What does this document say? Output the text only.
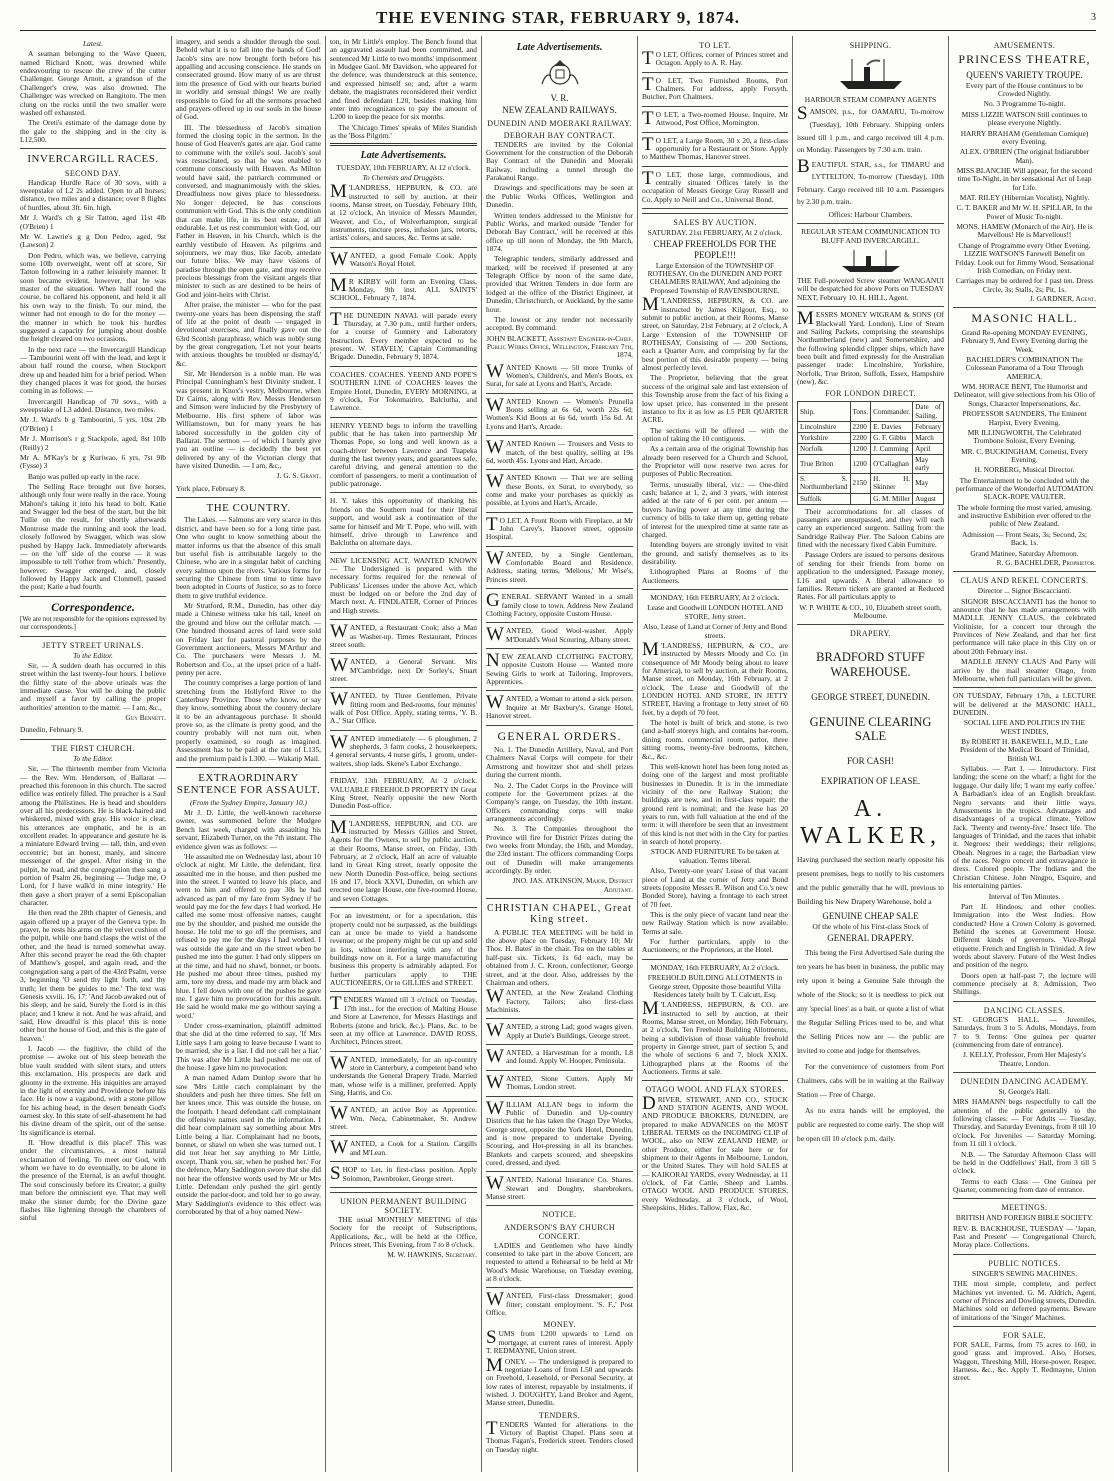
THE EVENING STAR, FEBRUARY 9, 1874.	3
Latest.

A seaman belonging to the Wave Queen, named Richard Knott, was drowned while endeavouring to rescue the crew of the cutter Challenger. George Arnott, a grandson of the Challenger's crew, was also drowned. The Challenger was wrecked on Rangitoto. The men clung on the rocks until the two smaller were washed off exhausted.

The Oreti's estimate of the damage done by the gale to the shipping and in the city is L12,500.

INVERCARGILL RACES.
SECOND DAY.

Handicap Hurdle Race of 30 sovs, with a sweepstake of L2 2s added. Open to all horses; distance, two miles and a distance; over 8 flights of hurdles, about 3ft. 6in. high.

Mr J. Ward's ch g Sir Tatton, aged 11st 4lb (O'Brien) 1

Mr W. Lawrie's g g Don Pedro, aged, 9st (Lawson) 2

Don Pedro, which was, we believe, carrying some 10lb overweight, went off at score, Sir Tatton following in a rather leisurely manner. It soon became evident, however, that he was master of the situation. When half round the course, he collared his opponent, and held it all his own way to the finish. To our mind, the winner had not enough to do for the money — the manner in which he took his hurdles suggested a capacity for jumping about double the height cleared on two occasions.

In the next race — the Invercargill Handicap — Tambourini went off with the lead, and kept it about half round the course, when Stockport drew up and headed him for a brief period. When they changed places it was for good, the horses coming in as follows: —

Invercargill Handicap of 70 sovs., with a sweepstake of L3 added. Distance, two miles.

Mr J. Ward's b g Tambourini, 5 yrs, 10st 2lb (O'Brien) 1

Mr J. Morrison's r g Stackpole, aged, 8st 10lb (Reilly) 2

Mr A. M'Kay's br g Kuriwao, 6 yrs, 7st 9lb (Fysse) 3

Banjo was pulled up early in the race.

The Selling Race brought out five horses, although only four were really in the race. Young Mahoni's taking it into his head to bolt. Katie and Swagger led the best of the start, but the bit Tullie on the result, for shortly afterwards Montrose made the running and took the lead, closely followed by Swagger, which was slow pushed by Happy Jack. Immediately afterwards — on the 'off' side of the course — it was impossible to tell 't'other from which.' Presently, however, Swagger emerged, and, closely followed by Happy Jack and Clonmell, passed the post; Katie a bad fourth.

Correspondence.

[We are not responsible for the opinions expressed by our correspondents.]

JETTY STREET URINALS.
To the Editor.

Sir, — A sudden death has occurred in this street within the last twenty-four hours. I believe the filthy state of the above urinals was the immediate cause. You will be doing the public and myself a favor by calling the proper authorities' attention to the matter. — I am, &c.,

Guy Bennett.

Dunedin, February 9.

THE FIRST CHURCH.
To the Editor.

Sir, — The thirteenth member from Victoria — the Rev. Wm. Henderson, of Ballarat — preached this forenoon in this church. The sacred edifice was entirely filled. The preacher is a Saul among the Philistines. He is head and shoulders over all his predecessors. He is black-haired and whiskered, mixed with gray. His voice is clear, his utterances are emphatic, and he is an excellent reader. In appearance and gesture he is a miniature Edward Irving — tall, thin, and even eccentric; but an honest, manly, and sincere messenger of the gospel. After rising in the pulpit, he read, and the congregation then sang a portion of Psalm 26, beginning — 'Judge me, O Lord, for I have walk'd in mine integrity.' He then gave a short prayer of a semi Episcopalian character.

He then read the 28th chapter of Genesis, and again offered up a prayer of the Geneva type. In prayer, he rests his arms on the velvet cushion of the pulpit, while one hand clasps the wrist of the other, and the head is turned somewhat away. After this second prayer he read the 6th chapter of Matthew's gospel, and again read, and the congregation sang a part of the 43rd Psalm, verse 3, beginning 'O send thy light forth, and thy truth; let them be guides to me.' The text was Genesis xxviii. 16, 17: 'And Jacob awaked out of his sleep, and he said, Surely the Lord is in this place; and I knew it not. And he was afraid, and said, How dreadful is this place! this is none other but the house of God, and this is the gate of heaven.'

I. Jacob — the fugitive, the child of the promise — awoke out of his sleep beneath the blue vault studded with silent stars, and utters this exclamation. His prospects are dark and gloomy in the extreme. His iniquities are arrayed in the light of eternity and Providence before his face. He is now a vagabond, with a stone pillow for his aching head, in the desert beneath God's earnest sky. In this state of self-abasement he had his divine dream of the spirit, out of the sense. Its significance is eternal.

II. 'How dreadful is this place!' This was under the circumstances, a most natural exclamation of feeling. To meet our God, with whom we have to do eventually, to be alone in the presence of the Eternal, is an awful thought. The soul consciously before its Creator; a guilty man before the omniscient eye. That may well make the sinner dumb; for the Divine gaze flashes like lightning through the chambers of sinful

imagery, and sends a shudder through the soul. Behold what it is to fall into the hands of God! Jacob's sins are now brought forth before his appalling and accusing conscience. He stands on consecrated ground. How many of us are thrust into the presence of God with our hearts buried in worldly and sensual things! We are really responsible to God for all the sermons preached and prayers offered up in our souls in the house of God.

III. The blessedness of Jacob's situation formed the closing topic in the sermon. In the house of God Heaven's gates are ajar. God came to commune with the exile's soul. Jacob's soul was resuscitated, so that he was enabled to commune consciously with Heaven. As Milton would have said, the patriarch communed or conversed, and magnanimously with the skies. Dreadfulness now gives place to blessedness. No longer dejected, he has conscious communion with God. This is the only condition that can make life, in its best estate, at all endurable. Let us rest communion with God, our Father in Heaven, in his Church, which is the earthly vestibule of Heaven. As pilgrims and sojourners, we may thus, like Jacob, antedate our future bliss. We may have visions of paradise through the open gate, and may receive precious blessings from the visitant angels that minister to such as are destined to be heirs of God and joint-heirs with Christ.

After praise, the minister — who for the past twenty-one years has been dispensing the staff of life at the point of death — engaged in devotional exercises, and finally gave out the 63rd Scottish paraphrase, which was nobly sung by the great congregation, 'Let not your hearts with anxious thoughts be troubled or dismay'd,' &c.

Sir, Mr Henderson is a noble man. He was Principal Cunningham's best Divinity student. I was present in Knox's vestry, Melbourne, when Dr Cairns, along with Rev. Messrs Henderson and Simson were inducted by the Presbytery of Melbourne. His first sphere of labor was Williamstown, but for many years he has labored successfully in the golden city of Ballarat. The sermon — of which I barely give you an outline — is decidedly the best yet delivered by any of the Victorian clergy that have visited Dunedin. — I am, &c.,

J. G. S. Grant.

York place, February 8.

THE COUNTRY.

The Lakes. — Salmons are very scarce in this district, and have been so for a long time past. One who ought to know something about the matter informs us that the absence of this small but useful fish is attributable largely to the Chinese, who are in a singular habit of catching every salmon upon the rivers. Various forms for securing the Chinese from time to time have been adopted in Courts of Justice, so as to force them to give truthful evidence.

Mr Stratford, R.M., Dunedin, has other day made a Chinese witness take his tail, kneel on the ground and blow out the cellular match. — One hundred thousand acres of land were sold on Friday last for pastoral purposes by the Government auctioneers, Messrs M'Arthur and Co. The purchasers were Messrs J. M. Robertson and Co., at the upset price of a half-penny per acre.

The country comprises a large portion of land stretching from the Hollyford River to the Canterbury Province. Those who know, or say they know, something about the country declare it to be an advantageous purchase. It should prove so, as the climate is pretty good, and the country probably will not turn out, when properly examined, so rough as imagined. Assessment has to be paid at the rate of L135, and the premium paid is L300. — Wakatip Mail.

EXTRAORDINARY SENTENCE FOR ASSAULT.
(From the Sydney Empire, January 10.)

Mr J. D. Little, the well-known racehorse owner, was summoned before the Mudgee Bench last week, charged with assaulting his servant, Elizabeth Turner, on the 7th instant. The evidence given was as follows: —

'He assaulted me on Wednesday last, about 10 o'clock at night. Mr Little, the defendant, first assaulted me in the house, and then pushed me into the street. I wanted to leave his place, and went to him and offered to pay 30s he had advanced as part of my fare from Sydney if he would pay me for the few days I had worked. He called me some most offensive names, caught me by the shoulder, and pushed me outside the house. He told me to go off the premises, and refused to pay me for the days I had worked. I was outside the gate and on the street when he pushed me into the gutter. I had only slippers on at the time, and had no shawl, bonnet, or boots. He pushed me about three times, pushed my arm, tore my dress, and made my arm black and blue. I fell down with one of the pushes he gave me. I gave him no provocation for this assault. He said he would make me go without saying a word.'

Under cross-examination, plaintiff admitted that she did at the time referred to say, 'If Mrs Little says I am going to leave because I want to be married, she is a liar. I did not call her a liar.' This was after Mr Little had pushed me out of the house. I gave him no provocation.

A man named Adam Dunlop swore that he saw 'Mrs Little catch complainant by the shoulders and push her three times. She fell on her knees once. This was outside the house, on the footpath. I heard defendant call complainant the offensive names used in the information. I did hear complainant say something about Mrs Little being a liar. Complainant had no boots, bonnet, or shawl on when she was turned out. I did not hear her say anything to Mr Little, except, Thank you, sir, when he pushed her.' For the defence, Mary Saddington swore that she did not hear the offensive words used by Mr or Mrs Little. Defendant only pushed the girl gently outside the parlor-door, and told her to go away. Mary Saddington's evidence to this effect was corroborated by that of a boy named New-

ton, in Mr Little's employ. The Bench found that an aggravated assault had been committed, and sentenced Mr Little to two months' imprisonment in Mudgee Gaol. Mr Davidson, who appeared for the defence, was thunderstruck at this sentence, and expressed himself so; and, after a warm debate, the magistrates reconsidered their verdict and fined defendant L20, besides making him enter into recognizances to pay the amount of L200 to keep the peace for six months.

The 'Chicago Times' speaks of Miles Standish as the 'Boss Pilgrim.'

Late Advertisements.
TUESDAY, 10th FEBRUARY, At 12 o'clock.
To Chemists and Druggists.
M 'LANDRESS, HEPBURN, & CO. are instructed to sell by auction, at their rooms, Manse street, on Tuesday, February 10th, at 12 o'clock, An invoice of Messrs Maunder, Weaver, and Co., of Wolverhampton, surgical instruments, tincture press, infusion jars, retorts, artists' colors, and sauces, &c. Terms at sale.

W ANTED, a good Female Cook. Apply Watson's Royal Hotel.

M R KIRBY will form an Evening Class, Monday, 9th inst. ALL SAINTS' SCHOOL. February 7, 1874.

T HE DUNEDIN NAVAL will parade every Thursday, at 7.30 p.m., until further orders, for a course of Gunnery and Laboratory Instruction. Every member expected to be present. W. STAVELY, Captain Commanding Brigade. Dunedin, February 9, 1874.

COACHES. COACHES. YEEND AND POPE'S SOUTHERN LINE of COACHES leaves the Empire Hotel, Dunedin, EVERY MORNING, at 9 o'clock, For Tokomairiro, Balclutha, and Lawrence.

HENRY YEEND begs to inform the travelling public that he has taken into partnership Mr Thomas Pope, so long and well known as a coach-driver between Lawrence and Tuapeka during the last twenty years, and guarantees safe, careful driving, and general attention to the comfort of passengers, to merit a continuation of public patronage.

H. Y. takes this opportunity of thanking his friends on the Southern road for their liberal support, and would ask a continuation of the same for himself and Mr T. Pope, who will, with himself, drive through to Lawrence and Balclutha on alternate days.

NEW LICENSING ACT. WANTED KNOWN — The Undersigned is prepared with the necessary forms required for the renewal of Publicans' Licenses under the above Act, which must be lodged on or before the 2nd day of March next. A. FINDLATER, Corner of Princes and High streets.

W ANTED, a Restaurant Cook; also a Man as Washer-up. Times Restaurant, Princes street south.

W ANTED, a General Servant. Mrs M'Cambridge, next Dr Sorley's, Stuart street.

W ANTED, by Three Gentlemen, Private fitting room and Bed-rooms, four minutes' walk of Post Office. Apply, stating terms, 'Y. B. A.,' Star Office.

W ANTED immediately — 6 ploughmen, 2 shepherds, 3 farm cooks, 2 housekeepers, 4 general servants, 4 nurse girls, 1 groom, under-waiters, shop lads. Skene's Labor Exchange.

FRIDAY, 13th FEBRUARY, At 2 o'clock. VALUABLE FREEHOLD PROPERTY IN Great King Street, Nearly opposite the new North Dunedin Post-office.

M 'LANDRESS, HEPBURN, and CO. are instructed by Messrs Gillies and Street, Agents for the Owners, to sell by public auction, at their Rooms, Manse street, on Friday, 13th February, at 2 o'clock, Half an acre of valuable land in Great King street, nearly opposite the new North Dunedin Post-office, being sections 16 and 17, block XXVI, Dunedin, on which are erected one large House, one five-roomed House, and seven Cottages.

For an investment, or for a speculation, this property could not be surpassed, as the buildings can at once be made to yield a handsome revenue; or the property might be cut up and sold in lots, without interfering with any of the buildings now on it. For a large manufacturing business this property is admirably adapted. For further particulars apply to THE AUCTIONEERS, Or to GILLIES and STREET.

T ENDERS Wanted till 3 o'clock on Tuesday, 17th inst., for the erection of Malting House and Store at Lawrence, for Messrs Hastings and Roberts (stone and brick, &c.). Plans, &c. to be seen at my office at Lawrence. DAVID ROSS, Architect, Princes street.

W ANTED, immediately, for an up-country store in Canterbury, a competent hand who understands the General Drapery Trade. Married man, whose wife is a milliner, preferred. Apply Sing, Harris, and Co.

W ANTED, an active Boy as Apprentice. Wm. Neca, Cabinetmaker, St. Andrew street.

W ANTED, a Cook for a Station. Cargills and M'Lean.

S HOP to Let, in first-class position. Apply Solomon, Pawnbroker, George street.

UNION PERMANENT BUILDING SOCIETY.

THE usual MONTHLY MEETING of this Society for the receipt of Subscriptions, Applications, &c., will be held at the Office, Princes street, This Evening, from 7 to 8 o'clock.

M. W. HAWKINS, Secretary.
Late Advertisements.
V. R.
NEW ZEALAND RAILWAYS.
DUNEDIN AND MOERAKI RAILWAY.
DEBORAH BAY CONTRACT.

TENDERS are invited by the Colonial Government for the construction of the Deborah Bay Contract of the Dunedin and Moeraki Railway, including a tunnel through the Parakanui Range.

Drawings and specifications may be seen at the Public Works Offices, Wellington and Dunedin.

Written tenders addressed to the Minister for Public Works, and marked outside 'Tender for Deborah Bay Contract,' will be received at this office up till noon of Monday, the 9th March, 1874.

Telegraphic tenders, similarly addressed and marked, will be received if presented at any Telegraph Office by noon of the same date, provided that Written Tenders in due form are lodged at the office of the District Engineer, at Dunedin, Christchurch, or Auckland, by the same hour.

The lowest or any tender not necessarily accepted. By command.

JOHN BLACKETT, Assistant Engineer-in-Chief. Public Works Office, Wellington, February 7th, 1874.
W ANTED Known — 50 more Trunks of Women's, Children's, and Men's Boots, ex Surat, for sale at Lyons and Hart's, Arcade.

W ANTED Known — Women's Prunella Boots selling at 6s 6d, worth 22s 6d; Women's Kid Boots at 6s 6d, worth 15s 6d. At Lyons and Hart's, Arcade.

W ANTED Known — Trousers and Vests to match, of the best quality, selling at 19s 6d, worth 45s. Lyons and Hart, Arcade.

W ANTED Known — That we are selling these Boots, ex Surat, to everybody, so come and make your purchases as quickly as possible, at Lyons and Hart's, Arcade.

T O LET, A Front Room with Fireplace, at Mr John Carey's, Hanover street, opposite Hospital.

W ANTED, by a Single Gentleman, Comfortable Board and Residence. Address, stating terms, 'Melious,' Mr Wise's, Princes street.

G ENERAL SERVANT Wanted in a small family close to town. Address New Zealand Clothing Factory, opposite Custom House.

W ANTED, Good Wool-washer. Apply M'Donald's Wool Scouring, Albany street.

N EW ZEALAND CLOTHING FACTORY, opposite Custom House — Wanted more Sewing Girls to work at Tailoring, Improvers, Apprentices.

W ANTED, a Woman to attend a sick person. Inquire at Mr Baxbury's, Grange Hotel, Hanover street.

GENERAL ORDERS.

No. 1. The Dunedin Artillery, Naval, and Port Chalmers Naval Corps will compete for their Armstrong and howitzer shot and shell prizes during the current month.

No. 2. The Cadet Corps in the Province will compete for the Government prizes at the Company's range, on Tuesday, the 10th instant. Officers commanding corps will make arrangements accordingly.

No. 3. The Companies throughout the Province will fire for District Prizes during the two weeks from Monday, the 16th, and Monday, the 23rd instant. The officers commanding Corps out of Dunedin will make arrangements accordingly. By order.

JNO. JAS. ATKINSON, Major, District Adjutant.
CHRISTIAN CHAPEL, Great King street.

A PUBLIC TEA MEETING will be held in the above place on Tuesday, February 10; Mr Thos. H. Bates' in the chair. Tea on the tables at half-past six. Tickets, 1s 6d each, may be obtained from J. C. Kroon, confectioner, George street, and at the door. Also, addresses by the Chairman and others.

W ANTED, at the New Zealand Clothing Factory, Tailors; also first-class Machinists.

W ANTED, a strong Lad; good wages given. Apply at Durie's Buildings, George street.

W ANTED, a Harvestman for a month, L8 and found. Apply W. Hooper, Peninsula.

W ANTED, Stone Cutters. Apply Mr Thomas, London street.

W ILLIAM ALLAN begs to inform the Public of Dunedin and Up-country Districts that he has taken the Otago Dye Works, George street, opposite the York Hotel, Dunedin, and is now prepared to undertake Dyeing, Scouring, and Hot-pressing in all its branches. Blankets and carpets scoured, and sheepskins cured, dressed, and dyed.

W ANTED, National Insurance Co. Shares. Stewart and Doughty, sharebrokers, Manse street.

NOTICE.
ANDERSON'S BAY CHURCH CONCERT.

LADIES and Gentlemen who have kindly consented to take part in the above Concert, are requested to attend a Rehearsal to be held at Mr Wood's Music Warehouse, on Tuesday evening, at 8 o'clock.

W ANTED, First-class Dressmaker; good fitter; constant employment. 'S. F.,' Post Office.

MONEY.
S UMS from L200 upwards to Lend on mortgage, at current rates of interest. Apply T. REDMAYNE, Union street.

M ONEY. — The undersigned is prepared to negotiate Loans of from L50 and upwards on Freehold, Leasehold, or Personal Security, at low rates of interest, repayable by instalments, if wished. J. DOUGHTY, Land Broker and Agent, Manse street, Dunedin.

TENDERS.
T ENDERS Wanted for alterations to the Victory of Baptist Chapel. Plans seen at Thomas Fagan's, Frederick street. Tenders closed on Tuesday night.

TO LET.
T O LET, Offices, corner of Princes street and Octagon. Apply to A. R. Hay.

T O LET, Two Furnished Rooms, Port Chalmers. For address, apply Forsyth, Butcher, Port Chalmers.

T O LET, a Two-roomed House. Inquire, Mr Attwood, Post Office, Mornington.

T O LET, a Large Room, 30 x 20, a first-class opportunity for a Restaurant or Store. Apply to Matthew Thomas, Hanover street.

T O LET, those large, commodious, and centrally situated Offices lately in the occupation of Messrs George Gray Russell and Co. Apply to Neill and Co., Universal Bond.

SALES BY AUCTION.
SATURDAY, 21st FEBRUARY, At 2 o'clock.
CHEAP FREEHOLDS FOR THE PEOPLE!!!
Large Extension of the TOWNSHIP OF ROTHESAY, On the DUNEDIN AND PORT CHALMERS RAILWAY, And adjoining the Proposed Township of RAVENSBOURNE.
M 'LANDRESS, HEPBURN, & CO. are instructed by James Kilgour, Esq., to submit to public auction, at their Rooms, Manse street, on Saturday, 21st February, at 2 o'clock, A Large Extension of the TOWNSHIP OF ROTHESAY, Consisting of — 200 Sections, each a Quarter Acre, and comprising by far the best portion of this desirable property — being almost perfectly level.

The Proprietor, believing that the great success of the original sale and last extension of this Township arose from the fact of his fixing a low upset price, has consented in the present instance to fix it as low as L5 PER QUARTER ACRE.

The sections will be offered — with the option of taking the 10 contiguous.

As a certain area of the original Township has already been reserved for a Church and School, the Proprietor will now reserve two acres for purposes of Public Recreation.

Terms, unusually liberal, viz.: — One-third cash; balance at 1, 2, and 3 years, with interest added at the rate of 6 per cent. per annum — buyers having power at any time during the currency of bills to take them up, getting rebate of interest for the unexpired time at same rate as charged.

Intending buyers are strongly invited to visit the ground, and satisfy themselves as to its desirability.

Lithographed Plans at Rooms of the Auctioneers.

MONDAY, 16th FEBRUARY, At 2 o'clock.
Lease and Goodwill LONDON HOTEL AND STORE, Jetty street.
Also, Lease of Land at Corner of Jetty and Bond streets.
M 'LANDRESS, HEPBURN, & CO., are instructed by Messrs Moody and Co. (in consequence of Mr Moody being about to leave for America), to sell by auction, at their Rooms, Manse street, on Monday, 16th February, at 2 o'clock, The Lease and Goodwill of the LONDON HOTEL AND STORE, IN JETTY STREET, Having a frontage to Jetty street of 60 feet, by a depth of 70 feet.

The hotel is built of brick and stone, is two (and a-half storeys high, and contains bar-room, dining room, commercial room, parlor, three sitting rooms, twenty-five bedrooms, kitchen, &c., &c.

This well-known hotel has been long noted as doing one of the largest and most profitable businesses in Dunedin. It is in the immediate vicinity of the new Railway Station; the buildings are new, and in first-class repair; the ground rent is nominal; and the lease has 20 years to run, with full valuation at the end of the term: it will therefore be seen that an investment of this kind is not met with in the City for parties in search of hotel property.

STOCK AND FURNITURE To be taken at valuation. Terms liberal.

Also, Twenty-one years' Lease of that vacant piece of Land at the corner of Jetty and Bond streets (opposite Messrs R. Wilson and Co.'s new Bonded Store), having a frontage to each street of 70 feet.

This is the only piece of vacant land near the new Railway Station which is now available. Terms at sale.

For further particulars, apply to the Auctioneers; or the Proprietors, at the Hotel.

MONDAY, 16th FEBRUARY, At 2 o'clock.
FREEHOLD BUILDING ALLOTMENTS in George street, Opposite those beautiful Villa Residences lately built by T. Calcutt, Esq.
M 'LANDRESS, HEPBURN, & CO. are instructed to sell by auction, at their Rooms, Manse street, on Monday, 16th February, at 2 o'clock, Ten Freehold Building Allotments, being a subdivision of those valuable freehold property in George street, part of section 5, and the whole of sections 6 and 7, block XXIX. Lithographed plans at the Rooms of the Auctioneers. Terms at sale.

OTAGO WOOL AND FLAX STORES.
D RIVER, STEWART, AND CO., STOCK AND STATION AGENTS, AND WOOL AND PRODUCE BROKERS, DUNEDIN, are prepared to make ADVANCES on the MOST LIBERAL TERMS on the INCOMING CLIP of WOOL, also on NEW ZEALAND HEMP, or other Produce, either for sale here or for shipment to their Agents in Melbourne, London, or the United States. They will hold SALES at — KAIKORAI YARDS, every Wednesday, at 11 o'clock, of Fat Cattle, Sheep and Lambs. OTAGO WOOL AND PRODUCE STORES, every Wednesday, at 3 o'clock, of Wool, Sheepskins, Hides, Tallow, Flax, &c.

SHIPPING.
HARBOUR STEAM COMPANY AGENTS
S AMSON, p.s., for OAMARU, To-morrow (Tuesday), 10th February. Shipping orders issued till 1 p.m., and cargo received till 4 p.m. on Monday. Passengers by 7.30 a.m. train.

B EAUTIFUL STAR, s.s., for TIMARU and LYTTELTON, To-morrow (Tuesday), 10th February. Cargo received till 10 a.m. Passengers by 2.30 p.m. train.

Offices: Harbour Chambers.
REGULAR STEAM COMMUNICATION TO BLUFF AND INVERCARGILL.

THE Full-powered Screw steamer WANGANUI will be despatched for above Ports on TUESDAY NEXT, February 10. H. HILL, Agent.

M ESSRS MONEY WIGRAM & SONS (Of Blackwall Yard, London), Line of Steam and Sailing Packets, comprising the steamships Northumberland (new) and Somersetshire, and the following splendid clipper ships, which have been built and fitted expressly for the Australian passenger trade: Lincolnshire, Yorkshire, Norfolk, True Briton, Suffolk, Essex, Hampshire (new), &c.

FOR LONDON DIRECT.
Ship.	Tons.	Commander.	Date of Sailing.
Lincolnshire	2200	E. Davies	February
Yorkshire	2200	G. F. Gibbs	March
Norfolk	1200	J. Cumming	April
True Briton	1200	O'Callaghan	May early
S. S. Northumberland	2150	H. H. Skinner	May
Suffolk		G. M. Miller	August

Their accommodations for all classes of passengers are unsurpassed, and they will each carry an experienced surgeon. Sailing from the Sandridge Railway Pier. The Saloon Cabins are fitted with the necessary fixed Cabin Furniture.

Passage Orders are issued to persons desirous of sending for their friends from home on application to the undersigned. Passage money, L16 and upwards. A liberal allowance to families. Return tickets are granted at Reduced Rates. For all particulars apply to

W. P. WHITE & CO., 10, Elizabeth street south, Melbourne.
DRAPERY.
BRADFORD STUFF WAREHOUSE.
GEORGE STREET, DUNEDIN.
GENUINE CLEARING SALE
FOR CASH!
EXPIRATION OF LEASE.
A. WALKER,

Having purchased the section nearly opposite his present premises, begs to notify to his customers and the public generally that he will, previous to Building his New Drapery Warehouse, hold a

GENUINE CHEAP SALE
Of the whole of his First-class Stock of
GENERAL DRAPERY.

This being the First Advertised Sale during the ten years he has been in business, the public may rely upon it being a Genuine Sale through the whole of the Stock; so it is needless to pick out any 'special lines' as a bait, or quote a list of what the Regular Selling Prices used to be, and what the Selling Prices now are — the public are invited to come and judge for themselves.

For the convenience of customers from Port Chalmers, cabs will be in waiting at the Railway Station — Free of Charge.

As no extra hands will be employed, the public are requested to come early. The shop will be open till 10 o'clock p.m. daily.

AMUSEMENTS.
PRINCESS THEATRE,
QUEEN'S VARIETY TROUPE.

Every part of the House continues to be Crowded Nightly.

No. 3 Programme To-night.

MISS LIZZIE WATSON Still continues to please everyone Nightly.

HARRY BRAHAM (Gentleman Comique) every Evening.

ALEX. O'BRIEN (The original Indiarubber Man).

MISS BLANCHE Will appear, for the second time To-Night, in her sensational Act of Leap for Life.

MAT. RILEY (Hibernian Vocalist), Nightly.

C. T. BAKER and Mr W. H. SPILLAR, In the Power of Music To-night.

MONS. HAMEW (Monarch of the Air). He is Marvellous! He is Marvellous!!

Change of Programme every Other Evening. LIZZIE WATSON'S Farewell Benefit on Friday. Look out for Jimmy Wood, Sensational Irish Comedian, on Friday next.

Carriages may be ordered for 1 past ten. Dress Circle, 3s; Stalls, 2s; Pit, 1s.

J. GARDNER, Agent.
MASONIC HALL.

Grand Re-opening MONDAY EVENING, February 9, And Every Evening during the Week.

BACHELDER'S COMBINATION The Colossean Panorama of a Tour Through AMERICA.

WM. HORACE BENT, The Humorist and Delineator, will give selections from his Olio of Songs, Character Impersonations, &c.

PROFESSOR SAUNDERS, The Eminent Harpist, Every Evening.

MR ILLINGWORTH, The Celebrated Trombone Soloist, Every Evening.

MR. C. BUCKINGHAM, Cornetist, Every Evening.

H. NORBERG, Musical Director.

The Entertainment to be concluded with the performance of the Wonderful AUTOMATON SLACK-ROPE VAULTER.

The whole forming the most varied, amusing, and instructive Exhibition ever offered to the public of New Zealand.

Admission — Front Seats, 3s; Second, 2s; Back, 1s.

Grand Matinee, Saturday Afternoon.

R. G. BACHELDER, Proprietor.
CLAUS AND REKEL CONCERTS.
Director ... Signor Biscaccianti.

SIGNOR BISCACCIANTI has the honor to announce that he has made arrangements with MADLLE JENNY CLAUS, the celebrated Violiniste, for a concert tour through the Provinces of New Zealand, and that her first performance will take place in this City on or about 20th February inst.

MADLLE JENNY CLAUS And Party will arrive by the mail steamer Otago, from Melbourne, when full particulars will be given.

ON TUESDAY, February 17th, a LECTURE will be delivered at the MASONIC HALL, DUNEDIN.

SOCIAL LIFE AND POLITICS IN THE WEST INDIES,
By ROBERT H. BAKEWELL, M.D., Late President of the Medical Board of Trinidad, British W.I.

Syllabus. — Part I. — Introductory. First landing; the scene on the wharf; a fight for the luggage. Our daily life; 'I want my early coffee.' A Barbadian's idea of an English breakfast. Negro servants and their little ways. Amusements in the tropics. Advantages and disadvantages of a tropical climate. Yellow Jack. 'Twenty and twenty-five.' Insect life. The languages of Trinidad, and the races that inhabit it. Negroes: their weddings; their religions; Obeah. Negroes in a rage; the Barbadian view of the races. Negro conceit and extravagance in dress. Colored people. The Indians and the Christian Chinese. John Ningpo, Esquire, and his entertaining parties.

Interval of Ten Minutes.

Part II. Hindoos, and other coolies. Immigration into the West Indies. How conducted? How a Crown Colony is governed. Behind the scenes at Government House. Different kinds of governors. Vice-Regal etiquette. French and English in Trinidad. A few words about slavery. Future of the West Indies and position of the negro.

Doors open at half-past 7; the lecture will commence precisely at 8. Admission, Two Shillings.

DANCING CLASSES.

ST. GEORGE'S HALL. — Juveniles, Saturdays, from 3 to 5. Adults, Mondays, from 7 to 9. Terms: One guinea per quarter (commencing from date of entrance).

J. KELLY, Professor, From Her Majesty's Theatre, London.
DUNEDIN DANCING ACADEMY.
St. George's Hall.

MRS HAMANN begs respectfully to call the attention of the public generally to the following classes: — For Adults — Tuesday, Thursday, and Saturday Evenings, from 8 till 10 o'clock. For Juveniles — Saturday Morning, from 11 till 1 o'clock.

N.B. — The Saturday Afternoon Class will be held in the Oddfellows' Hall, from 3 till 5 o'clock.

Terms to each Class — One Guinea per Quarter, commencing from date of entrance.

MEETINGS.
BRITISH AND FOREIGN BIBLE SOCIETY.

REV. B. BACKHOUSE, TUESDAY — 'Japan, Past and Present' — Congregational Church, Moray place. Collections.

PUBLIC NOTICES.
SINGER'S SEWING MACHINES.

THE most simple, complete, and perfect Machines yet invented. G. M. Aldrich, Agent, corner of Princes and Dowling streets, Dunedin. Machines sold on deferred payments. Beware of imitations of the 'Singer' Machines.

FOR SALE.

FOR SALE, Farms, from 75 acres to 160, in good grass and improved. Also, Horses, Waggon, Threshing Mill, Horse-power, Reaper, Harness, &c., &c. Apply T. Redmayne, Union street.
